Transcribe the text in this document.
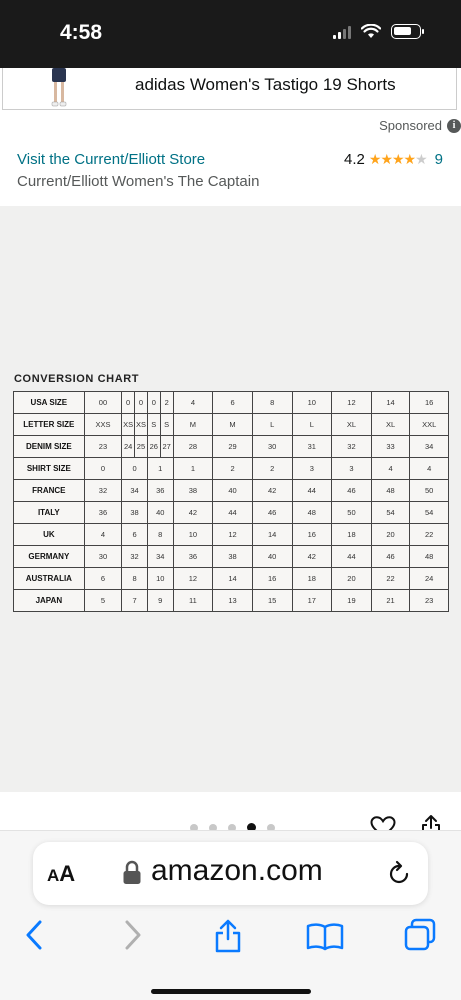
4:58
adidas Women's Tastigo 19 Shorts
Sponsored	i
Visit the Current/Elliott Store
Current/Elliott Women's The Captain
4.2 ★★★★★ 9
CONVERSION CHART
USA SIZE	00	0	0	0	2	4	6	8	10	12	14	16
LETTER SIZE	XXS	XS	XS	S	S	M	M	L	L	XL	XL	XXL
DENIM SIZE	23	24	25	26	27	28	29	30	31	32	33	34
SHIRT SIZE	0	0		1		1	2	2	3	3	4	4
FRANCE	32	34		36		38	40	42	44	46	48	50
ITALY	36	38		40		42	44	46	48	50	54	54
UK	4	6		8		10	12	14	16	18	20	22
GERMANY	30	32		34		36	38	40	42	44	46	48
AUSTRALIA	6	8		10		12	14	16	18	20	22	24
JAPAN	5	7		9		11	13	15	17	19	21	23
AA	amazon.com
